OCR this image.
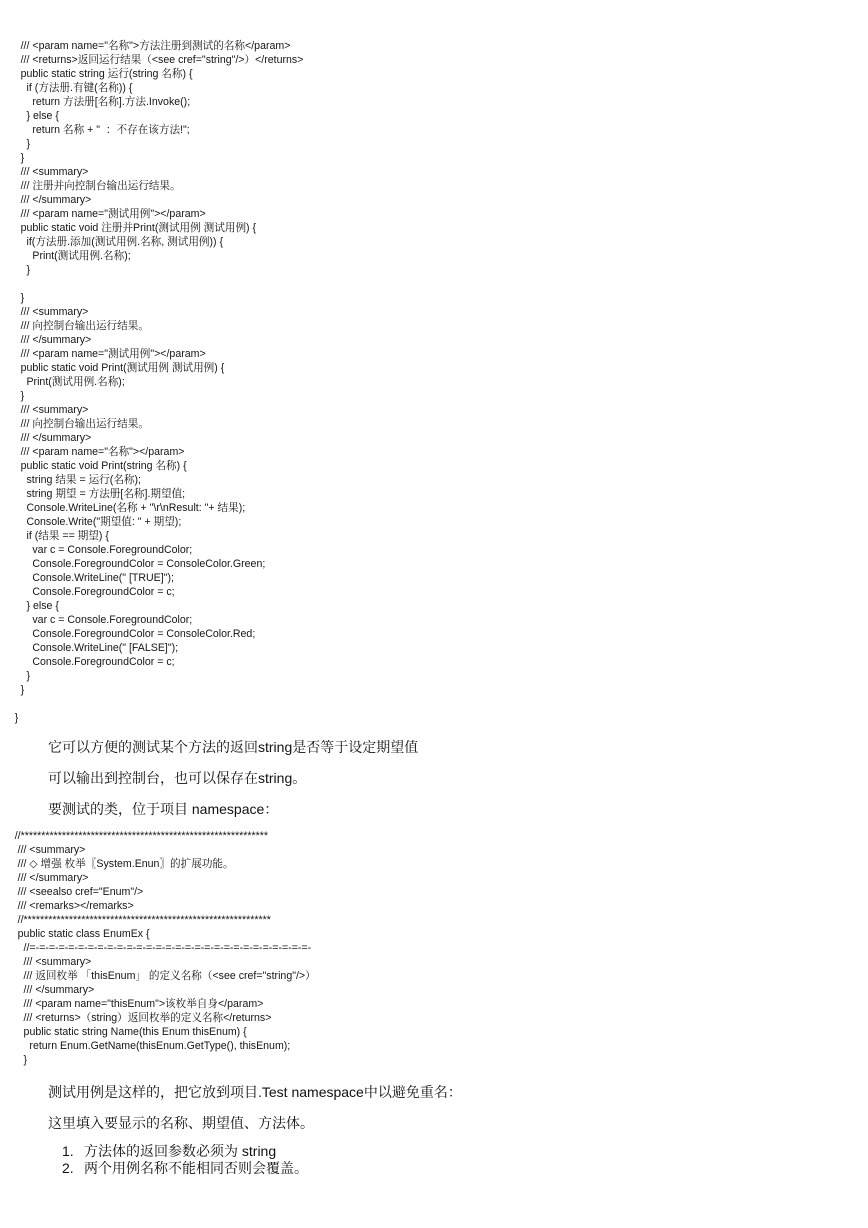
/// <param name="名称">方法注册到测试的名称</param>
/// <returns>返回运行结果（<see cref="string"/>）</returns>
public static string 运行(string 名称) {
if (方法册.有键(名称)) {
return 方法册[名称].方法.Invoke();
} else {
return 名称 + "  ：不存在该方法!";
}
}
/// <summary>
/// 注册并向控制台输出运行结果。
/// </summary>
/// <param name="测试用例"></param>
public static void 注册并Print(测试用例 测试用例) {
if(方法册.添加(测试用例.名称, 测试用例)) {
Print(测试用例.名称);
}
}
/// <summary>
/// 向控制台输出运行结果。
/// </summary>
/// <param name="测试用例"></param>
public static void Print(测试用例 测试用例) {
Print(测试用例.名称);
}
/// <summary>
/// 向控制台输出运行结果。
/// </summary>
/// <param name="名称"></param>
public static void Print(string 名称) {
string 结果 = 运行(名称);
string 期望 = 方法册[名称].期望值;
Console.WriteLine(名称 + "\r\nResult: "+ 结果);
Console.Write("期望值: " + 期望);
if (结果 == 期望) {
var c = Console.ForegroundColor;
Console.ForegroundColor = ConsoleColor.Green;
Console.WriteLine(" [TRUE]");
Console.ForegroundColor = c;
} else {
var c = Console.ForegroundColor;
Console.ForegroundColor = ConsoleColor.Red;
Console.WriteLine(" [FALSE]");
Console.ForegroundColor = c;
}
}
}

它可以方便的测试某个方法的返回string是否等于设定期望值

可以输出到控制台，也可以保存在string。

要测试的类，位于项目 namespace：

//************************************************************
/// <summary>
/// ◇ 增强 枚举〖System.Enun〗的扩展功能。
/// </summary>
/// <seealso cref="Enum"/>
/// <remarks></remarks>
//************************************************************
public static class EnumEx {
//=-=-=-=-=-=-=-=-=-=-=-=-=-=-=-=-=-=-=-=-=-=-=-=-=-=-=-=-=-
/// <summary>
/// 返回枚举 「thisEnum」 的定义名称（<see cref="string"/>）
/// </summary>
/// <param name="thisEnum">该枚举自身</param>
/// <returns>（string）返回枚举的定义名称</returns>
public static string Name(this Enum thisEnum) {
return Enum.GetName(thisEnum.GetType(), thisEnum);
}

测试用例是这样的，把它放到项目.Test namespace中以避免重名：

这里填入要显示的名称、期望值、方法体。

1. 方法体的返回参数必须为 string
2. 两个用例名称不能相同否则会覆盖。
